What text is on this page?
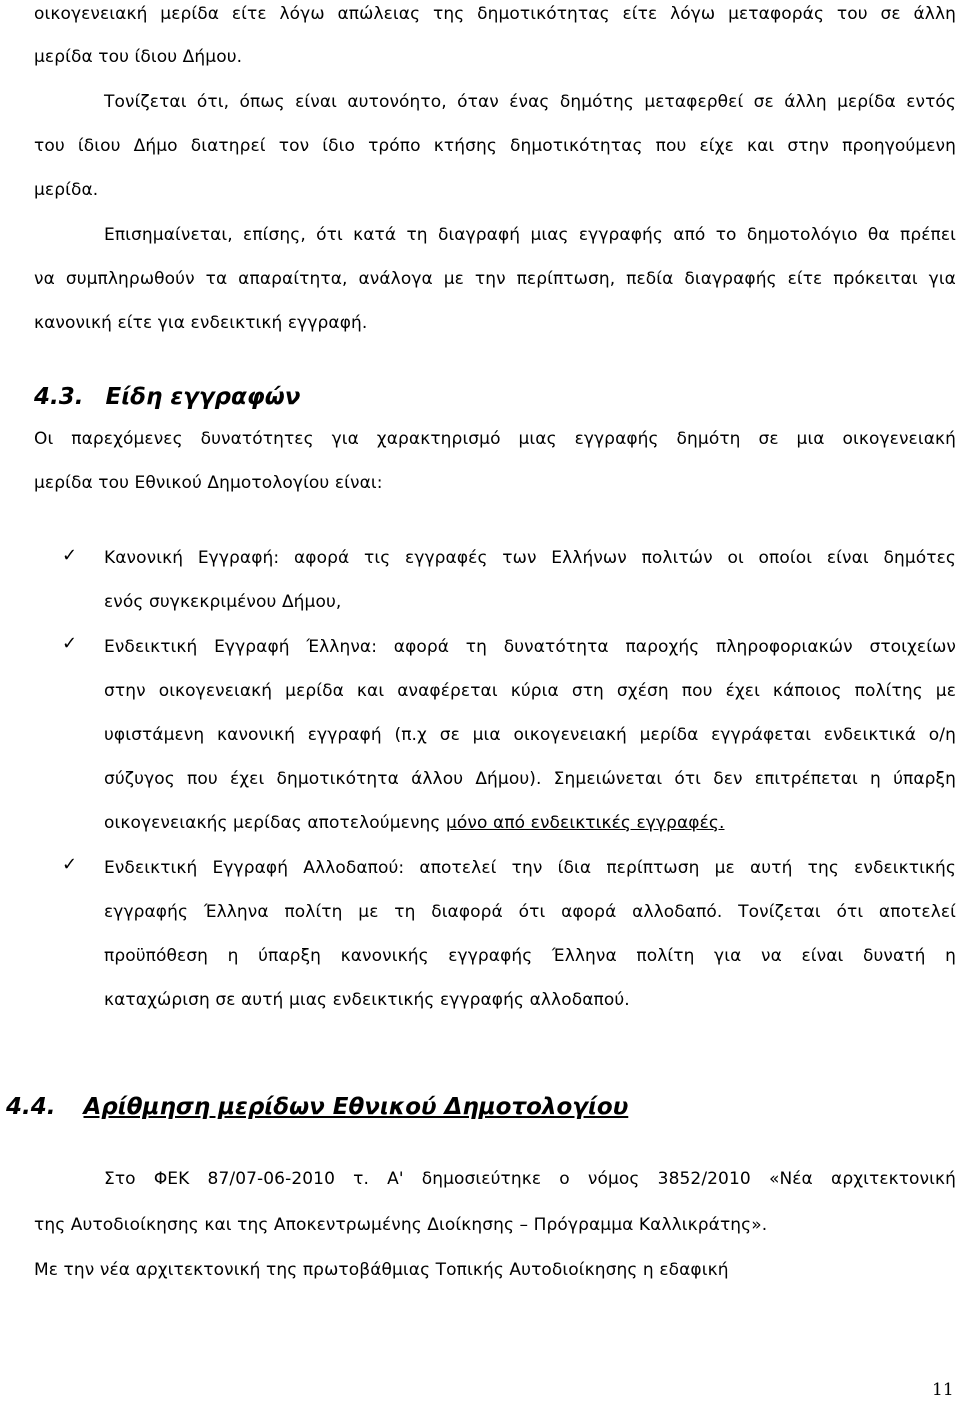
οικογενειακή μερίδα είτε λόγω απώλειας της δημοτικότητας είτε λόγω μεταφοράς του σε άλλη
μερίδα του ίδιου Δήμου.
Τονίζεται ότι, όπως είναι αυτονόητο, όταν ένας δημότης μεταφερθεί σε άλλη μερίδα εντός
του ίδιου Δήμο διατηρεί τον ίδιο τρόπο κτήσης δημοτικότητας που είχε και στην προηγούμενη
μερίδα.
Επισημαίνεται, επίσης, ότι κατά τη διαγραφή μιας εγγραφής από το δημοτολόγιο θα πρέπει
να συμπληρωθούν τα απαραίτητα, ανάλογα με την περίπτωση, πεδία διαγραφής είτε πρόκειται για
κανονική είτε για ενδεικτική εγγραφή.
4.3. Είδη εγγραφών
Οι παρεχόμενες δυνατότητες για χαρακτηρισμό μιας εγγραφής δημότη σε μια οικογενειακή
μερίδα του Εθνικού Δημοτολογίου είναι:
✓ Κανονική Εγγραφή: αφορά τις εγγραφές των Ελλήνων πολιτών οι οποίοι είναι δημότες
ενός συγκεκριμένου Δήμου,
✓ Ενδεικτική Εγγραφή Έλληνα: αφορά τη δυνατότητα παροχής πληροφοριακών στοιχείων
στην οικογενειακή μερίδα και αναφέρεται κύρια στη σχέση που έχει κάποιος πολίτης με
υφιστάμενη κανονική εγγραφή (π.χ σε μια οικογενειακή μερίδα εγγράφεται ενδεικτικά ο/η
σύζυγος που έχει δημοτικότητα άλλου Δήμου). Σημειώνεται ότι δεν επιτρέπεται η ύπαρξη
οικογενειακής μερίδας αποτελούμενης μόνο από ενδεικτικές εγγραφές.
✓ Ενδεικτική Εγγραφή Αλλοδαπού: αποτελεί την ίδια περίπτωση με αυτή της ενδεικτικής
εγγραφής Έλληνα πολίτη με τη διαφορά ότι αφορά αλλοδαπό. Τονίζεται ότι αποτελεί
προϋπόθεση η ύπαρξη κανονικής εγγραφής Έλληνα πολίτη για να είναι δυνατή η
καταχώριση σε αυτή μιας ενδεικτικής εγγραφής αλλοδαπού.
4.4. Αρίθμηση μερίδων Εθνικού Δημοτολογίου
Στο ΦΕΚ 87/07-06-2010 τ. Α' δημοσιεύτηκε ο νόμος 3852/2010 «Νέα αρχιτεκτονική
της Αυτοδιοίκησης και της Αποκεντρωμένης Διοίκησης – Πρόγραμμα Καλλικράτης».
Με την νέα αρχιτεκτονική της πρωτοβάθμιας Τοπικής Αυτοδιοίκησης η εδαφική
11
